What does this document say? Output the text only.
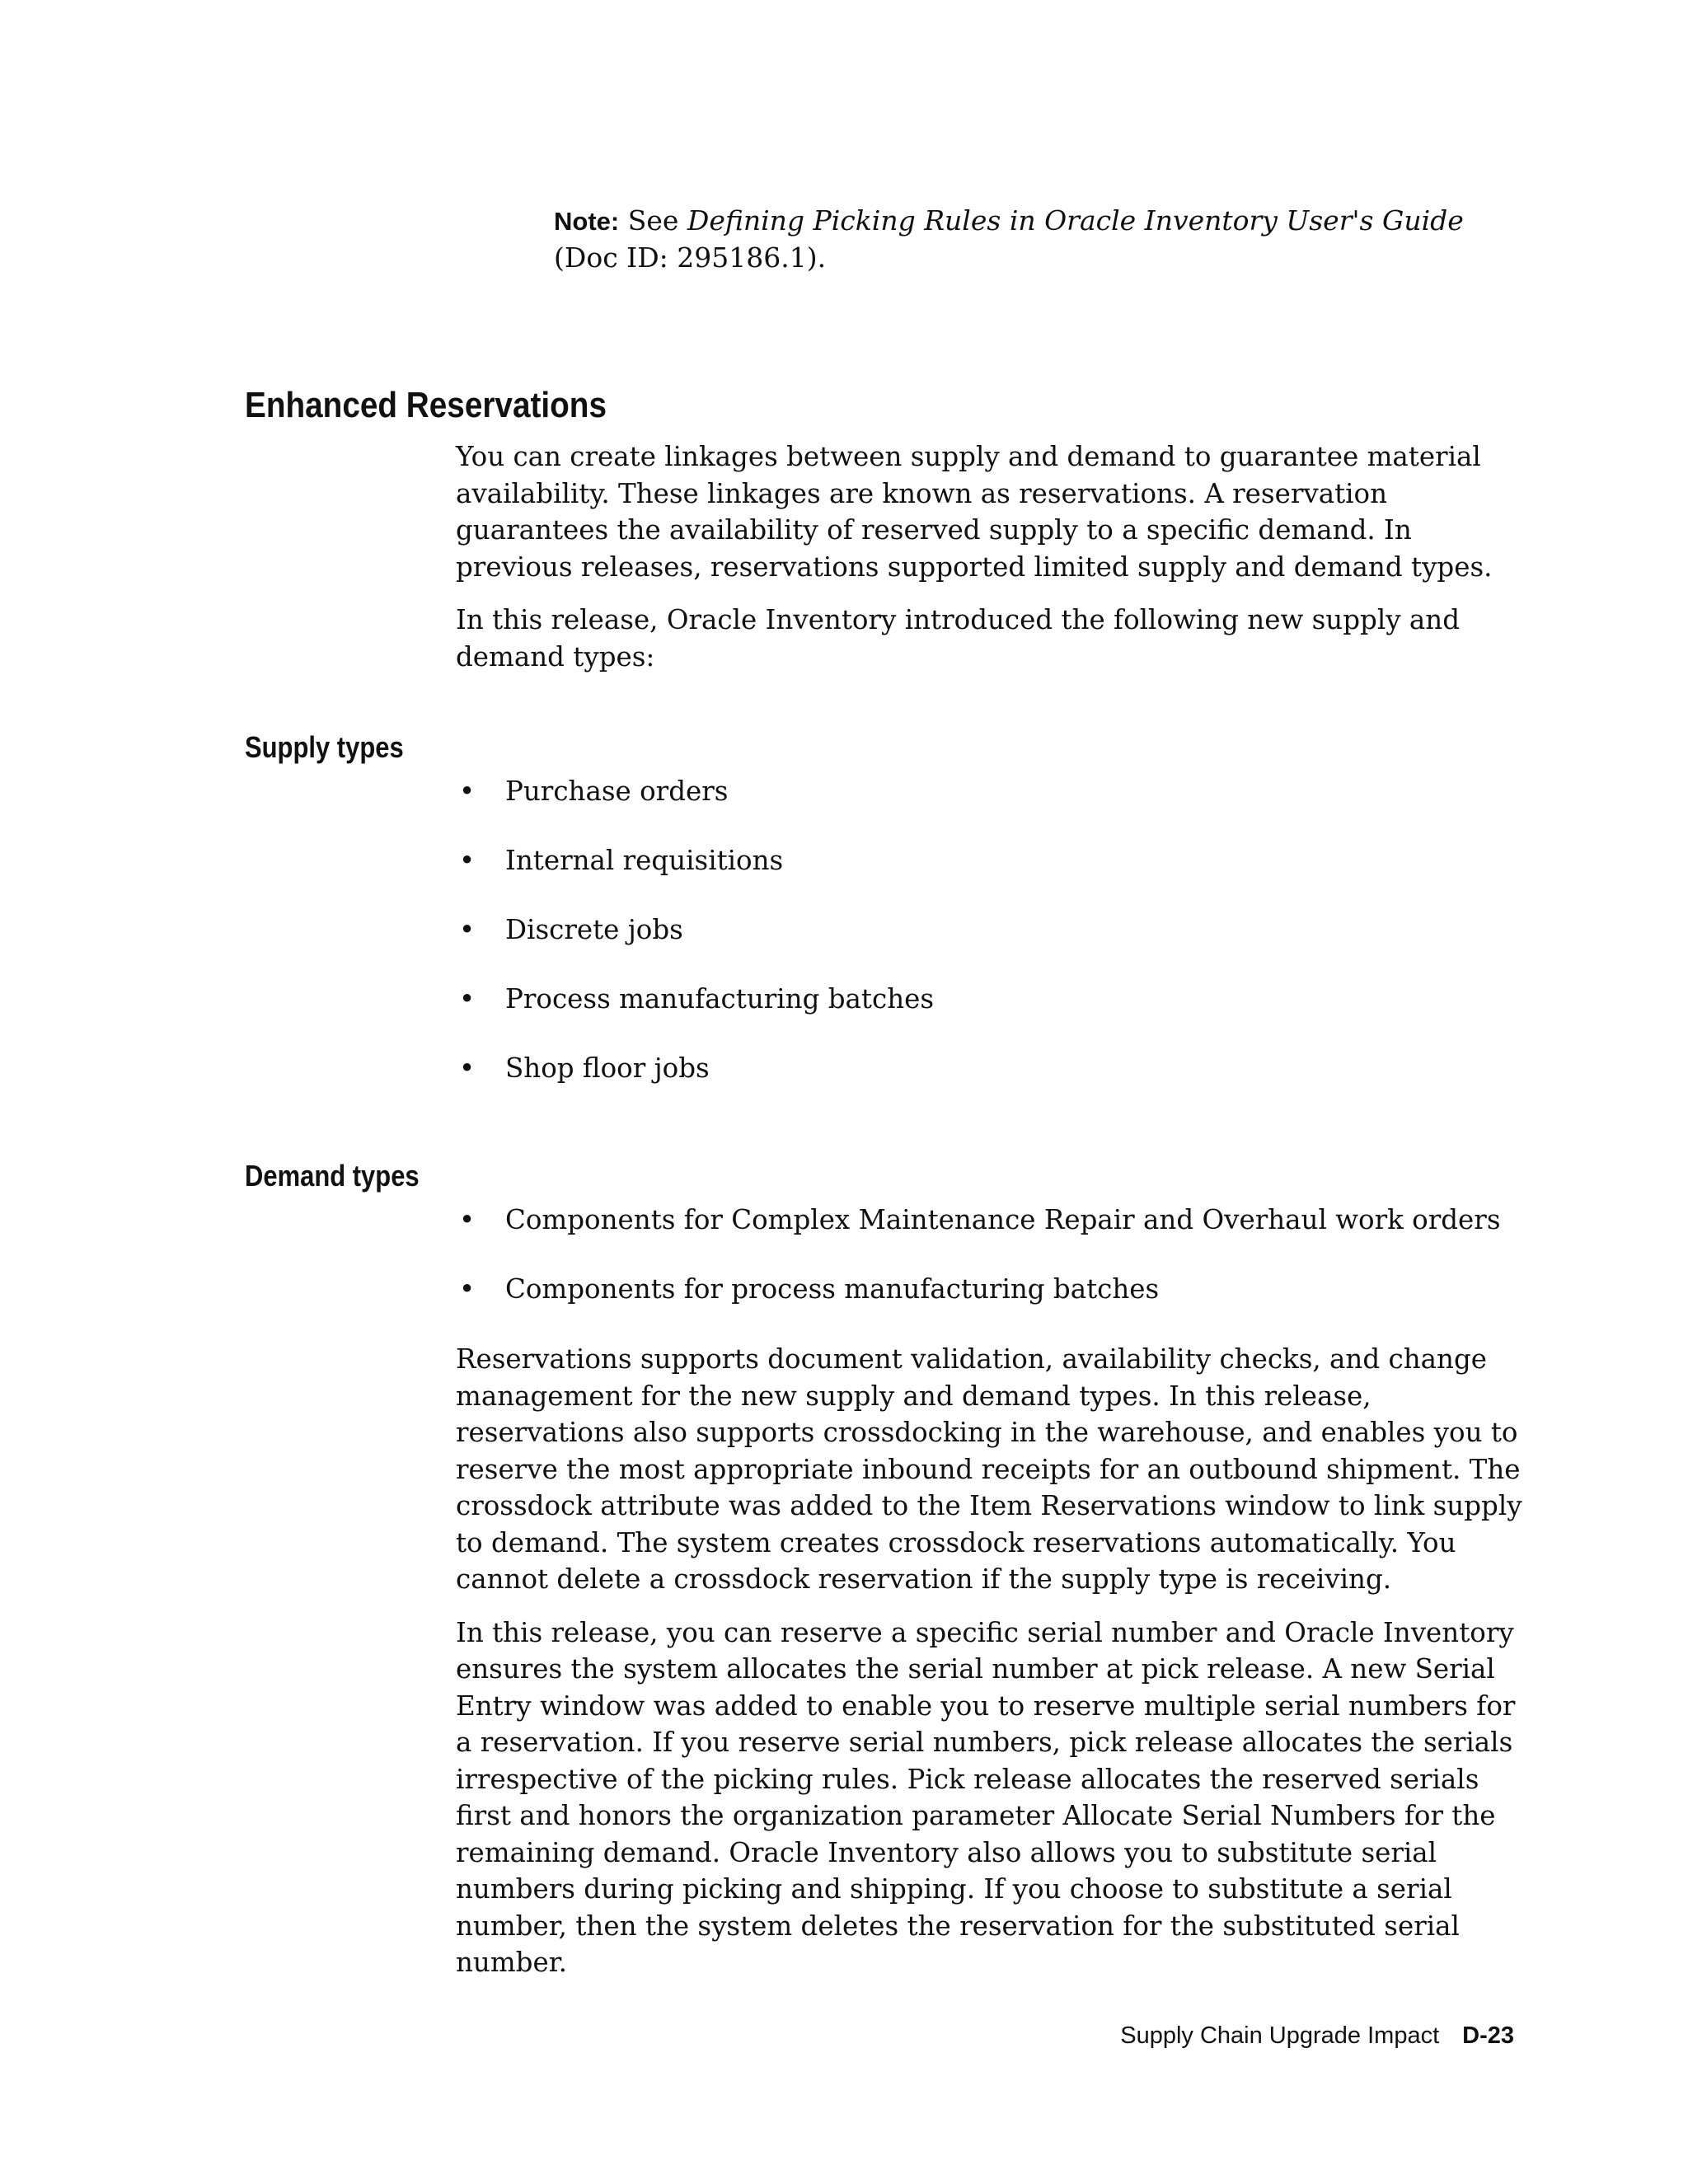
Note: See Defining Picking Rules in Oracle Inventory User's Guide (Doc ID: 295186.1).
Enhanced Reservations

You can create linkages between supply and demand to guarantee material availability. These linkages are known as reservations. A reservation guarantees the availability of reserved supply to a specific demand. In previous releases, reservations supported limited supply and demand types.

In this release, Oracle Inventory introduced the following new supply and demand types:

Supply types
• Purchase orders
• Internal requisitions
• Discrete jobs
• Process manufacturing batches
• Shop floor jobs
Demand types
• Components for Complex Maintenance Repair and Overhaul work orders
• Components for process manufacturing batches

Reservations supports document validation, availability checks, and change management for the new supply and demand types. In this release, reservations also supports crossdocking in the warehouse, and enables you to reserve the most appropriate inbound receipts for an outbound shipment. The crossdock attribute was added to the Item Reservations window to link supply to demand. The system creates crossdock reservations automatically. You cannot delete a crossdock reservation if the supply type is receiving.

In this release, you can reserve a specific serial number and Oracle Inventory ensures the system allocates the serial number at pick release. A new Serial Entry window was added to enable you to reserve multiple serial numbers for a reservation. If you reserve serial numbers, pick release allocates the serials irrespective of the picking rules. Pick release allocates the reserved serials first and honors the organization parameter Allocate Serial Numbers for the remaining demand. Oracle Inventory also allows you to substitute serial numbers during picking and shipping. If you choose to substitute a serial number, then the system deletes the reservation for the substituted serial number.

Supply Chain Upgrade Impact D-23
